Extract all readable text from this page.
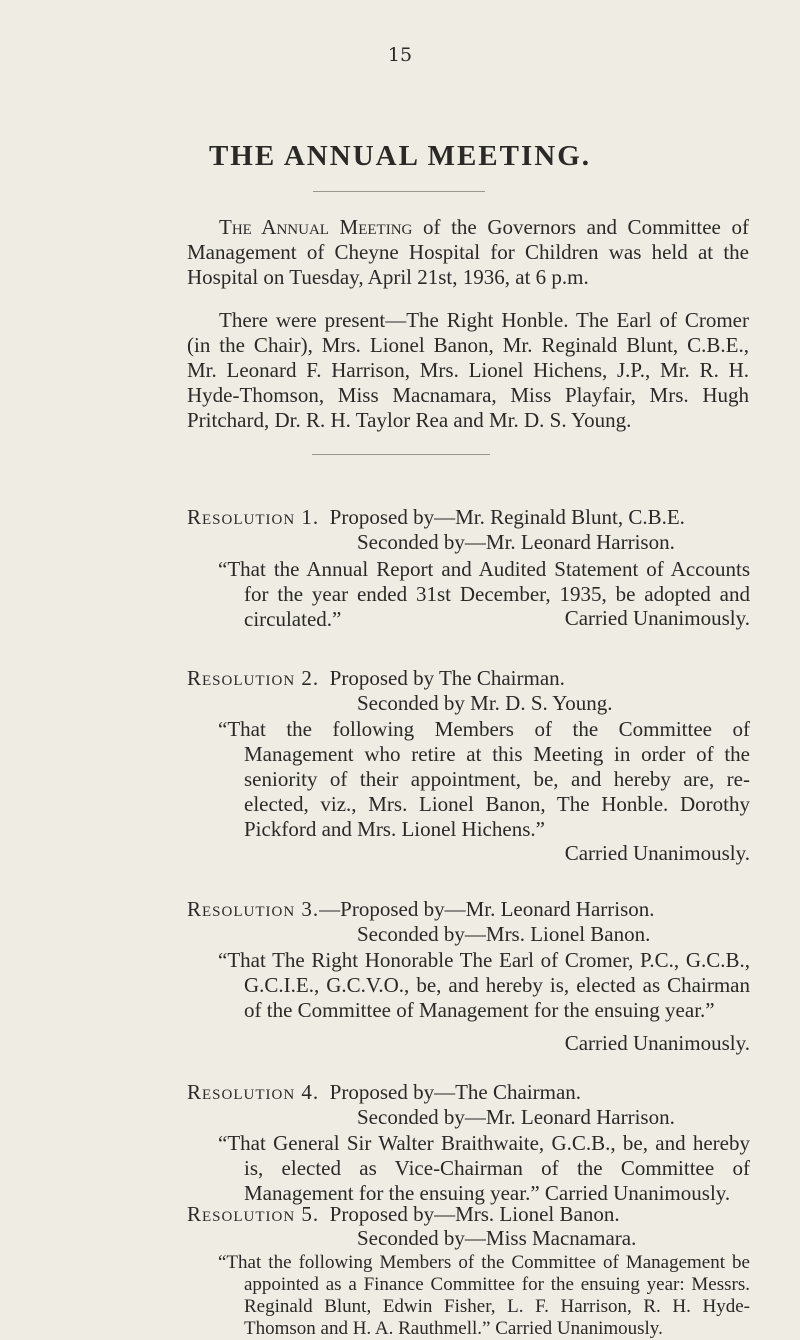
15
THE ANNUAL MEETING.
The Annual Meeting of the Governors and Committee of Management of Cheyne Hospital for Children was held at the Hospital on Tuesday, April 21st, 1936, at 6 p.m.
There were present—The Right Honble. The Earl of Cromer (in the Chair), Mrs. Lionel Banon, Mr. Reginald Blunt, C.B.E., Mr. Leonard F. Harrison, Mrs. Lionel Hichens, J.P., Mr. R. H. Hyde-Thomson, Miss Macnamara, Miss Playfair, Mrs. Hugh Pritchard, Dr. R. H. Taylor Rea and Mr. D. S. Young.
Resolution 1. Proposed by—Mr. Reginald Blunt, C.B.E.
Seconded by—Mr. Leonard Harrison.
“That the Annual Report and Audited Statement of Accounts for the year ended 31st December, 1935, be adopted and circulated.”	Carried Unanimously.
Resolution 2. Proposed by The Chairman.
Seconded by Mr. D. S. Young.
“That the following Members of the Committee of Management who retire at this Meeting in order of the seniority of their appointment, be, and hereby are, re-elected, viz., Mrs. Lionel Banon, The Honble. Dorothy Pickford and Mrs. Lionel Hichens.”
Carried Unanimously.
Resolution 3.—Proposed by—Mr. Leonard Harrison.
Seconded by—Mrs. Lionel Banon.
“That The Right Honorable The Earl of Cromer, P.C., G.C.B., G.C.I.E., G.C.V.O., be, and hereby is, elected as Chairman of the Committee of Management for the ensuing year.”
Carried Unanimously.
Resolution 4. Proposed by—The Chairman.
Seconded by—Mr. Leonard Harrison.
“That General Sir Walter Braithwaite, G.C.B., be, and hereby is, elected as Vice-Chairman of the Committee of Management for the ensuing year.” Carried Unanimously.
Resolution 5. Proposed by—Mrs. Lionel Banon.
Seconded by—Miss Macnamara.
“That the following Members of the Committee of Management be appointed as a Finance Committee for the ensuing year: Messrs. Reginald Blunt, Edwin Fisher, L. F. Harrison, R. H. Hyde-Thomson and H. A. Rauthmell.” Carried Unanimously.
